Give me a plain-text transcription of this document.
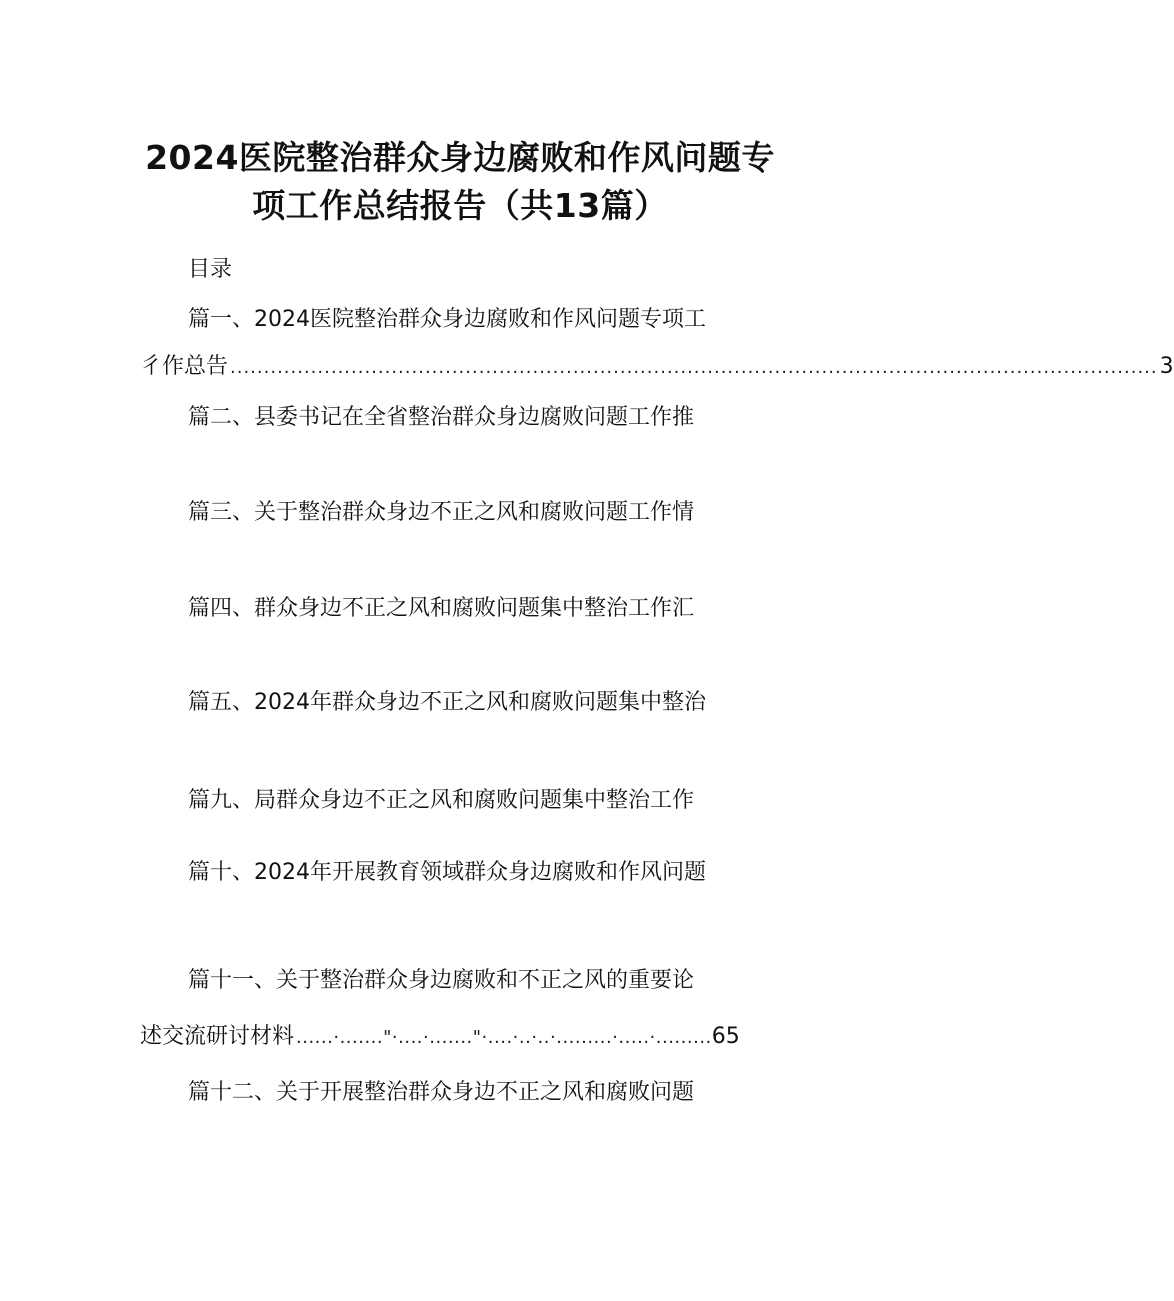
2024医院整治群众身边腐败和作风问题专
项工作总结报告（共13篇）
目录
篇一、2024医院整治群众身边腐败和作风问题专项工
彳作总告 .......................................................................................................................................... 3
篇二、县委书记在全省整治群众身边腐败问题工作推
篇三、关于整治群众身边不正之风和腐败问题工作情
篇四、群众身边不正之风和腐败问题集中整治工作汇
篇五、2024年群众身边不正之风和腐败问题集中整治
篇九、局群众身边不正之风和腐败问题集中整治工作
篇十、2024年开展教育领域群众身边腐败和作风问题
篇十一、关于整治群众身边腐败和不正之风的重要论
述交流研讨材料 ......·......."·....·......."·....·..·..·.........·.....·......... 65
篇十二、关于开展整治群众身边不正之风和腐败问题
